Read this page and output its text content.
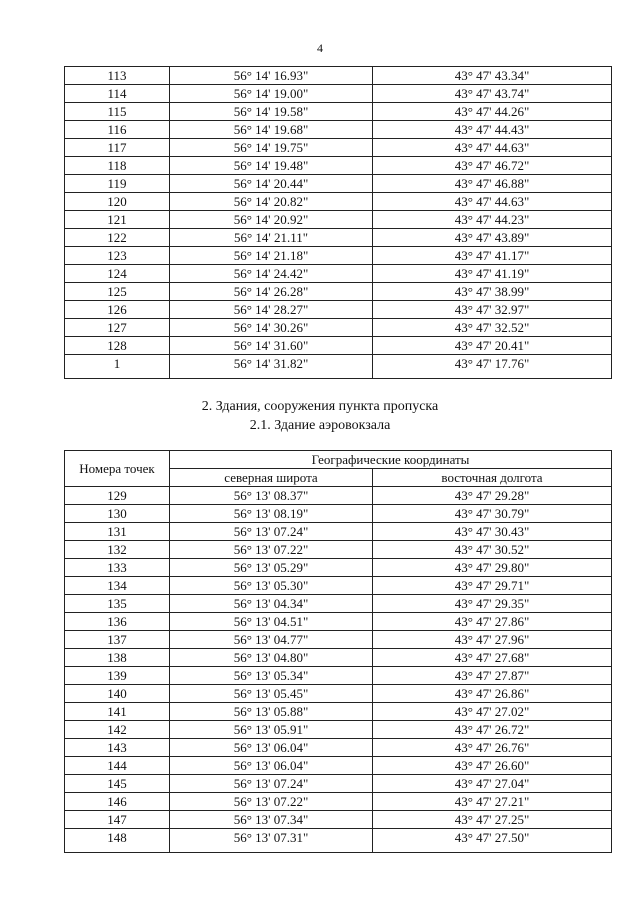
4
113	56° 14' 16.93"	43° 47' 43.34"
114	56° 14' 19.00"	43° 47' 43.74"
115	56° 14' 19.58"	43° 47' 44.26"
116	56° 14' 19.68"	43° 47' 44.43"
117	56° 14' 19.75"	43° 47' 44.63"
118	56° 14' 19.48"	43° 47' 46.72"
119	56° 14' 20.44"	43° 47' 46.88"
120	56° 14' 20.82"	43° 47' 44.63"
121	56° 14' 20.92"	43° 47' 44.23"
122	56° 14' 21.11"	43° 47' 43.89"
123	56° 14' 21.18"	43° 47' 41.17"
124	56° 14' 24.42"	43° 47' 41.19"
125	56° 14' 26.28"	43° 47' 38.99"
126	56° 14' 28.27"	43° 47' 32.97"
127	56° 14' 30.26"	43° 47' 32.52"
128	56° 14' 31.60"	43° 47' 20.41"
1	56° 14' 31.82"	43° 47' 17.76"
2. Здания, сооружения пункта пропуска
2.1. Здание аэровокзала
Номера точек	Географические координаты	
	северная широта	восточная долгота
129	56° 13' 08.37"	43° 47' 29.28"
130	56° 13' 08.19"	43° 47' 30.79"
131	56° 13' 07.24"	43° 47' 30.43"
132	56° 13' 07.22"	43° 47' 30.52"
133	56° 13' 05.29"	43° 47' 29.80"
134	56° 13' 05.30"	43° 47' 29.71"
135	56° 13' 04.34"	43° 47' 29.35"
136	56° 13' 04.51"	43° 47' 27.86"
137	56° 13' 04.77"	43° 47' 27.96"
138	56° 13' 04.80"	43° 47' 27.68"
139	56° 13' 05.34"	43° 47' 27.87"
140	56° 13' 05.45"	43° 47' 26.86"
141	56° 13' 05.88"	43° 47' 27.02"
142	56° 13' 05.91"	43° 47' 26.72"
143	56° 13' 06.04"	43° 47' 26.76"
144	56° 13' 06.04"	43° 47' 26.60"
145	56° 13' 07.24"	43° 47' 27.04"
146	56° 13' 07.22"	43° 47' 27.21"
147	56° 13' 07.34"	43° 47' 27.25"
148	56° 13' 07.31"	43° 47' 27.50"
